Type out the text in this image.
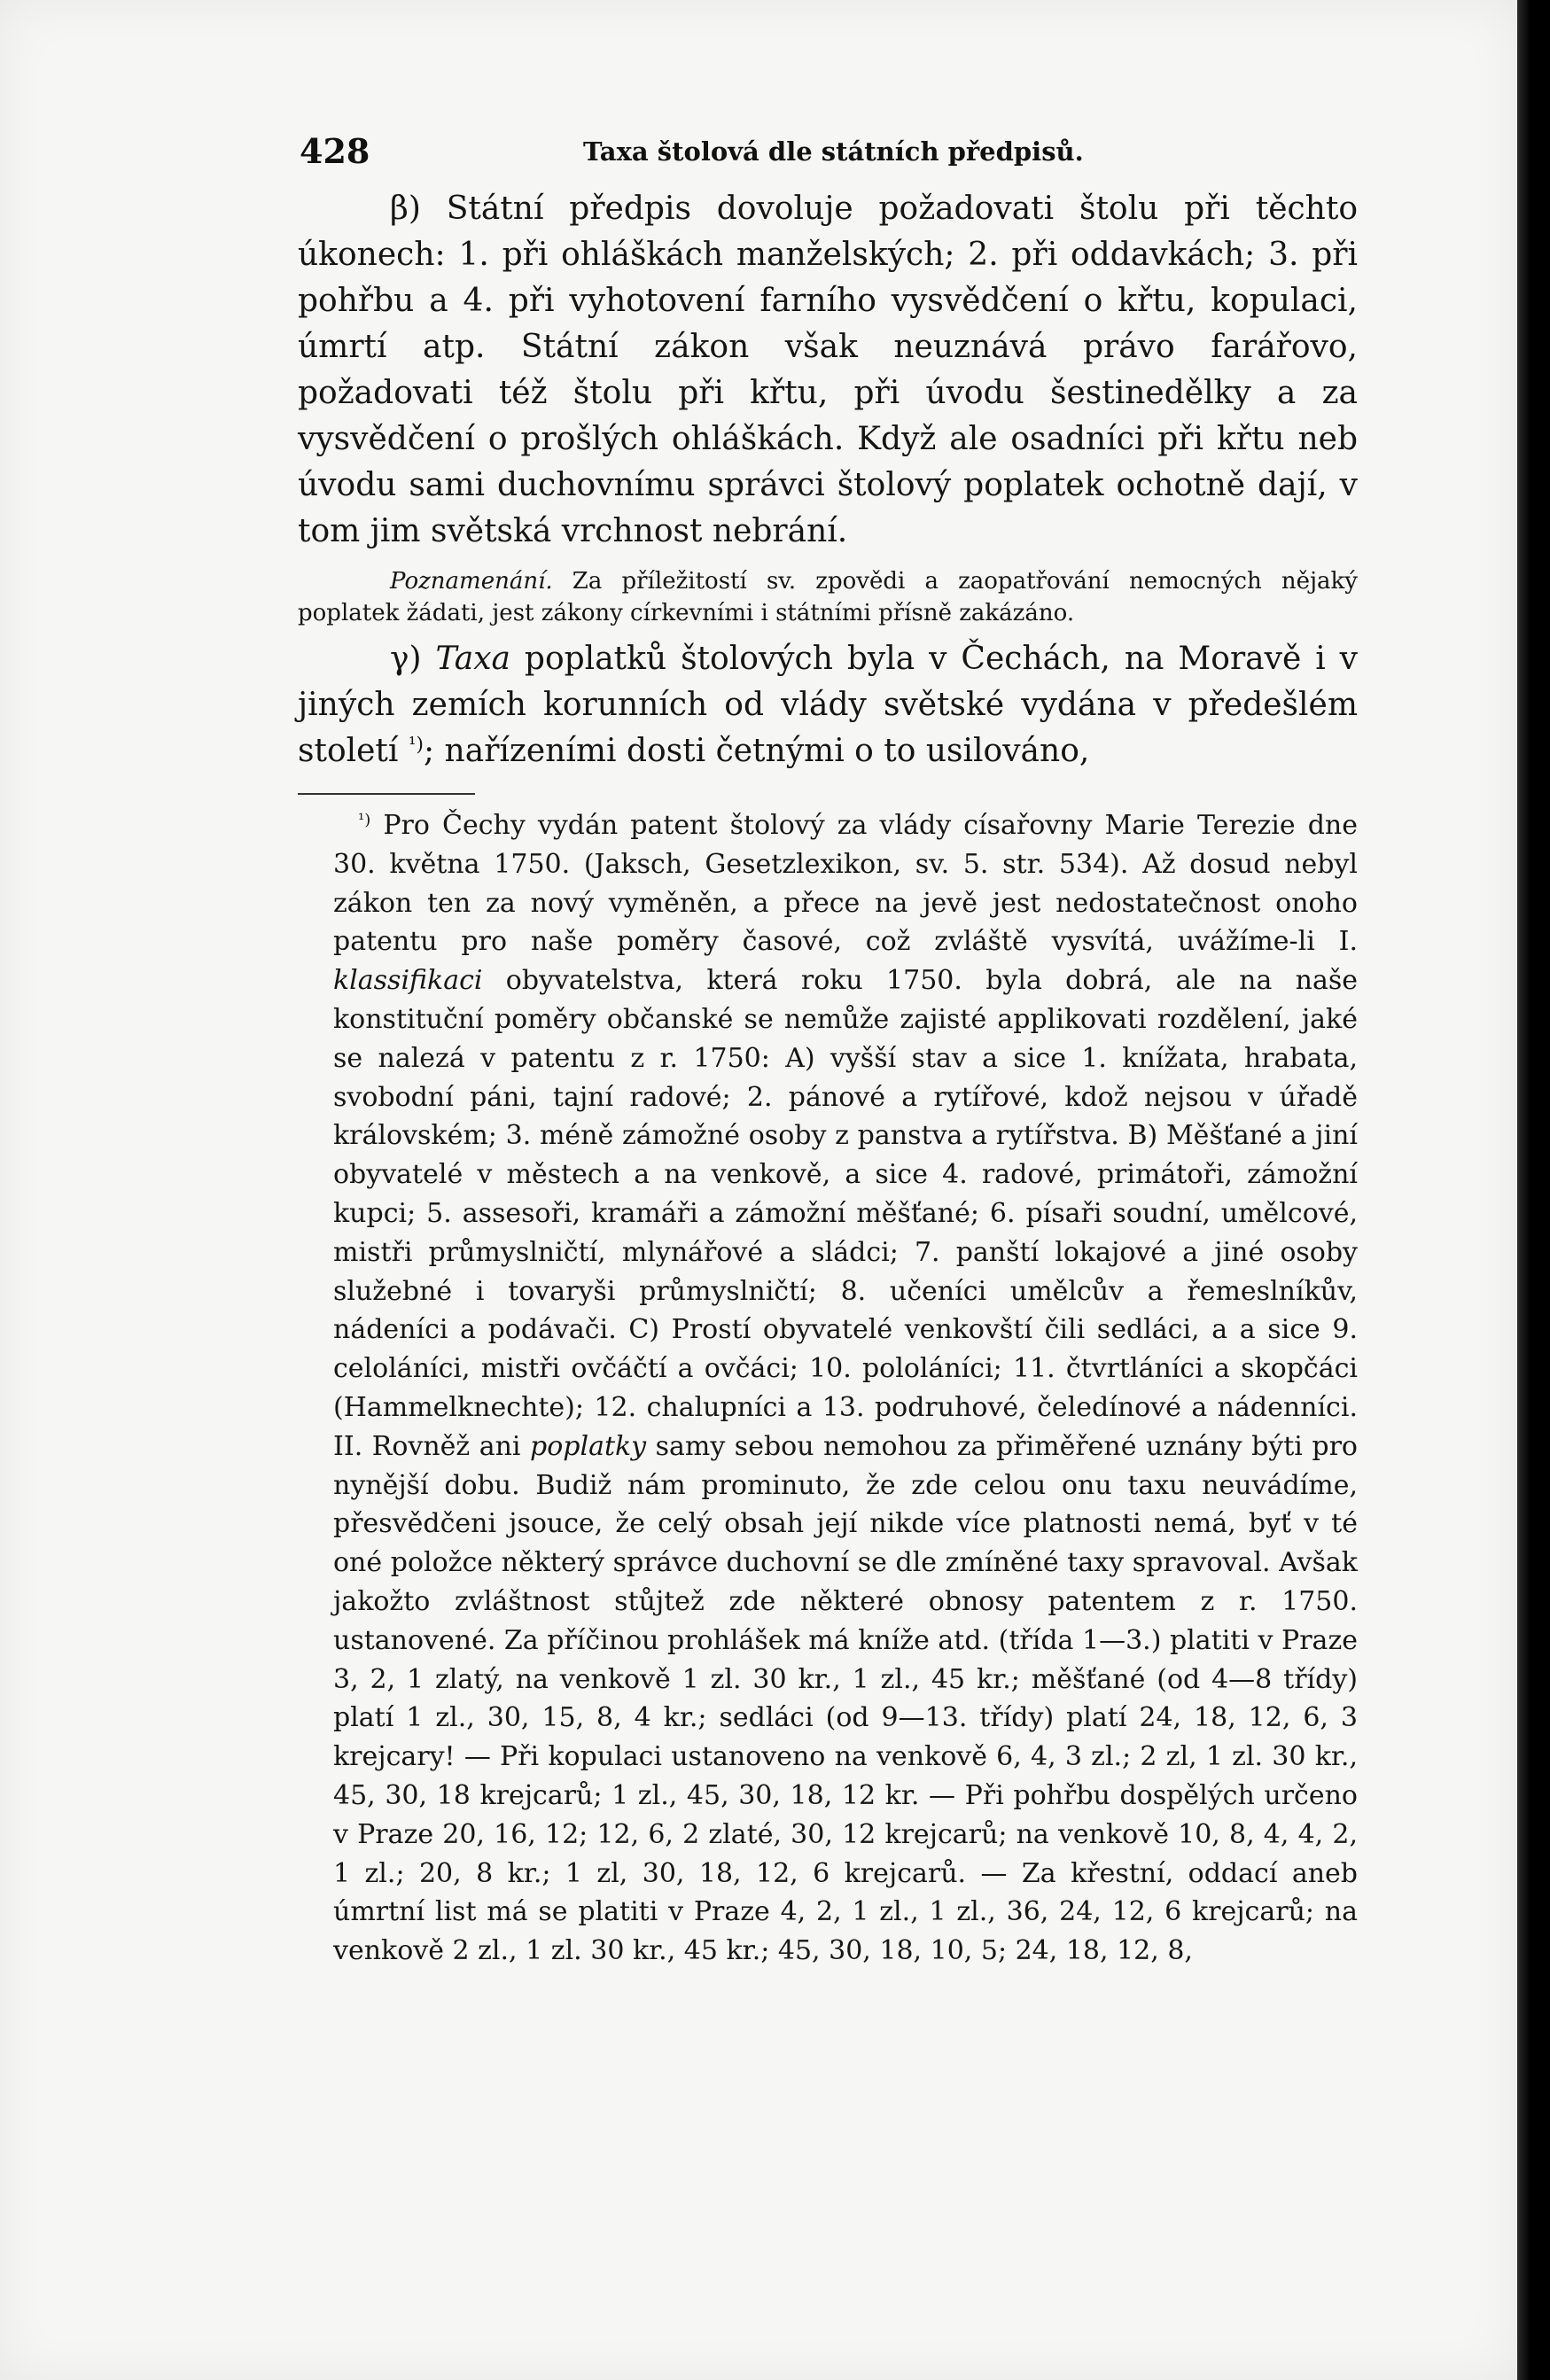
428	Taxa štolová dle státních předpisů.

β) Státní předpis dovoluje požadovati štolu při těchto úkonech: 1. při ohláškách manželských; 2. při oddavkách; 3. při pohřbu a 4. při vyhotovení farního vysvědčení o křtu, kopulaci, úmrtí atp. Státní zákon však neuznává právo farářovo, požadovati též štolu při křtu, při úvodu šestinedělky a za vysvědčení o prošlých ohláškách. Když ale osadníci při křtu neb úvodu sami duchovnímu správci štolový poplatek ochotně dají, v tom jim světská vrchnost nebrání.

Poznamenání. Za příležitostí sv. zpovědi a zaopatřování nemocných nějaký poplatek žádati, jest zákony církevními i státními přísně zakázáno.

γ) Taxa poplatků štolových byla v Čechách, na Moravě i v jiných zemích korunních od vlády světské vydána v předešlém století $^{^1)}$; nařízeními dosti četnými o to usilováno,

$^{^1)}$ Pro Čechy vydán patent štolový za vlády císařovny Marie Terezie dne 30. května 1750. (Jaksch, Gesetzlexikon, sv. 5. str. 534). Až dosud nebyl zákon ten za nový vyměněn, a přece na jevě jest nedostatečnost onoho patentu pro naše poměry časové, což zvláště vysvítá, uvážíme-li I. klassifikaci obyvatelstva, která roku 1750. byla dobrá, ale na naše konstituční poměry občanské se nemůže zajisté applikovati rozdělení, jaké se nalezá v patentu z r. 1750: A) vyšší stav a sice 1. knížata, hrabata, svobodní páni, tajní radové; 2. pánové a rytířové, kdož nejsou v úřadě královském; 3. méně zámožné osoby z panstva a rytířstva. B) Měšťané a jiní obyvatelé v městech a na venkově, a sice 4. radové, primátoři, zámožní kupci; 5. assesoři, kramáři a zámožní měšťané; 6. písaři soudní, umělcové, mistři průmyslničtí, mlynářové a sládci; 7. panští lokajové a jiné osoby služebné i tovaryši průmyslničtí; 8. učeníci umělcův a řemeslníkův, nádeníci a podávači. C) Prostí obyvatelé venkovští čili sedláci, a a sice 9. celoláníci, mistři ovčáčtí a ovčáci; 10. pololáníci; 11. čtvrtláníci a skopčáci (Hammelknechte); 12. chalupníci a 13. podruhové, čeledínové a nádenníci. II. Rovněž ani poplatky samy sebou nemohou za přiměřené uznány býti pro nynější dobu. Budiž nám prominuto, že zde celou onu taxu neuvádíme, přesvědčeni jsouce, že celý obsah její nikde více platnosti nemá, byť v té oné položce některý správce duchovní se dle zmíněné taxy spravoval. Avšak jakožto zvláštnost stůjtež zde některé obnosy patentem z r. 1750. ustanovené. Za příčinou prohlášek má kníže atd. (třída 1—3.) platiti v Praze 3, 2, 1 zlatý, na venkově 1 zl. 30 kr., 1 zl., 45 kr.; měšťané (od 4—8 třídy) platí 1 zl., 30, 15, 8, 4 kr.; sedláci (od 9—13. třídy) platí 24, 18, 12, 6, 3 krejcary! — Při kopulaci ustanoveno na venkově 6, 4, 3 zl.; 2 zl, 1 zl. 30 kr., 45, 30, 18 krejcarů; 1 zl., 45, 30, 18, 12 kr. — Při pohřbu dospělých určeno v Praze 20, 16, 12; 12, 6, 2 zlaté, 30, 12 krejcarů; na venkově 10, 8, 4, 4, 2, 1 zl.; 20, 8 kr.; 1 zl, 30, 18, 12, 6 krejcarů. — Za křestní, oddací aneb úmrtní list má se platiti v Praze 4, 2, 1 zl., 1 zl., 36, 24, 12, 6 krejcarů; na venkově 2 zl., 1 zl. 30 kr., 45 kr.; 45, 30, 18, 10, 5; 24, 18, 12, 8,
